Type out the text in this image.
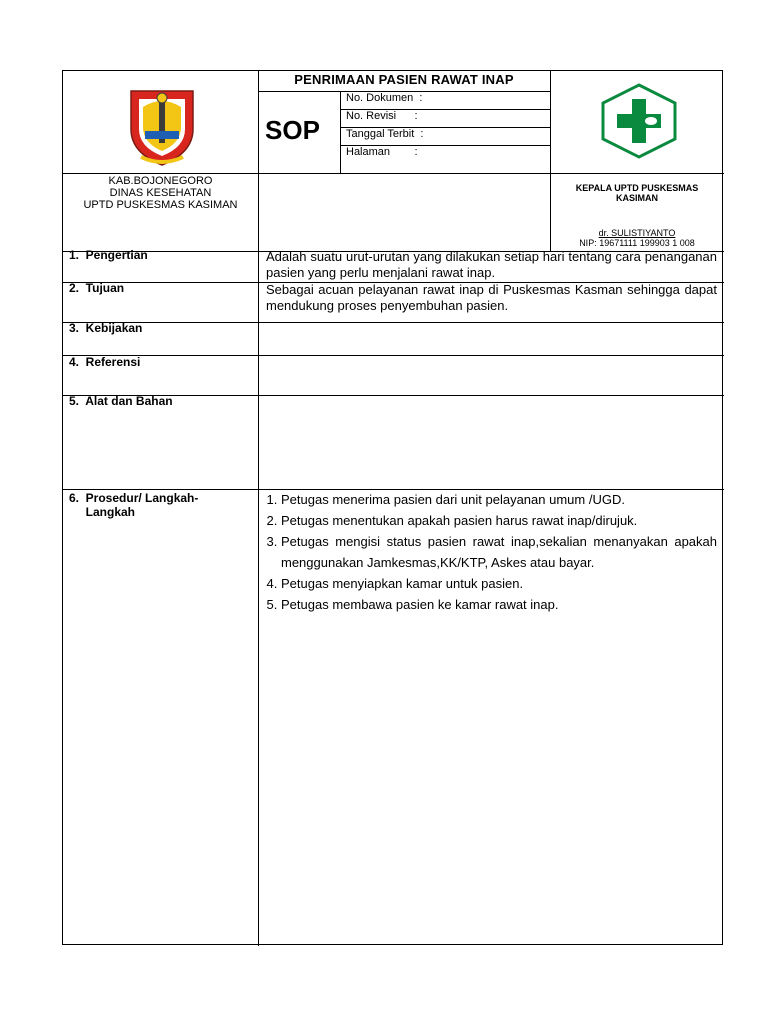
PENRIMAAN PASIEN RAWAT INAP
SOP
No. Dokumen  :
No. Revisi      :
Tanggal Terbit  :
Halaman        :
KAB.BOJONEGORO
DINAS KESEHATAN
UPTD PUSKESMAS KASIMAN
KEPALA UPTD PUSKESMAS
KASIMAN
dr. SULISTIYANTO
NIP: 19671111 199903 1 008
1.  Pengertian	Adalah suatu urut-urutan yang dilakukan setiap hari tentang cara penanganan pasien yang perlu menjalani rawat inap.
2.  Tujuan	Sebagai acuan pelayanan rawat inap di Puskesmas Kasman sehingga dapat mendukung proses penyembuhan pasien.
3.  Kebijakan
4.  Referensi
5.  Alat dan Bahan
6.  Prosedur/ Langkah-
Langkah
1. Petugas menerima pasien dari unit pelayanan umum /UGD.
2. Petugas menentukan apakah pasien harus rawat inap/dirujuk.
3. Petugas mengisi status pasien rawat inap,sekalian menanyakan apakah menggunakan Jamkesmas,KK/KTP, Askes atau bayar.
4. Petugas menyiapkan kamar untuk pasien.
5. Petugas membawa pasien ke kamar rawat inap.
